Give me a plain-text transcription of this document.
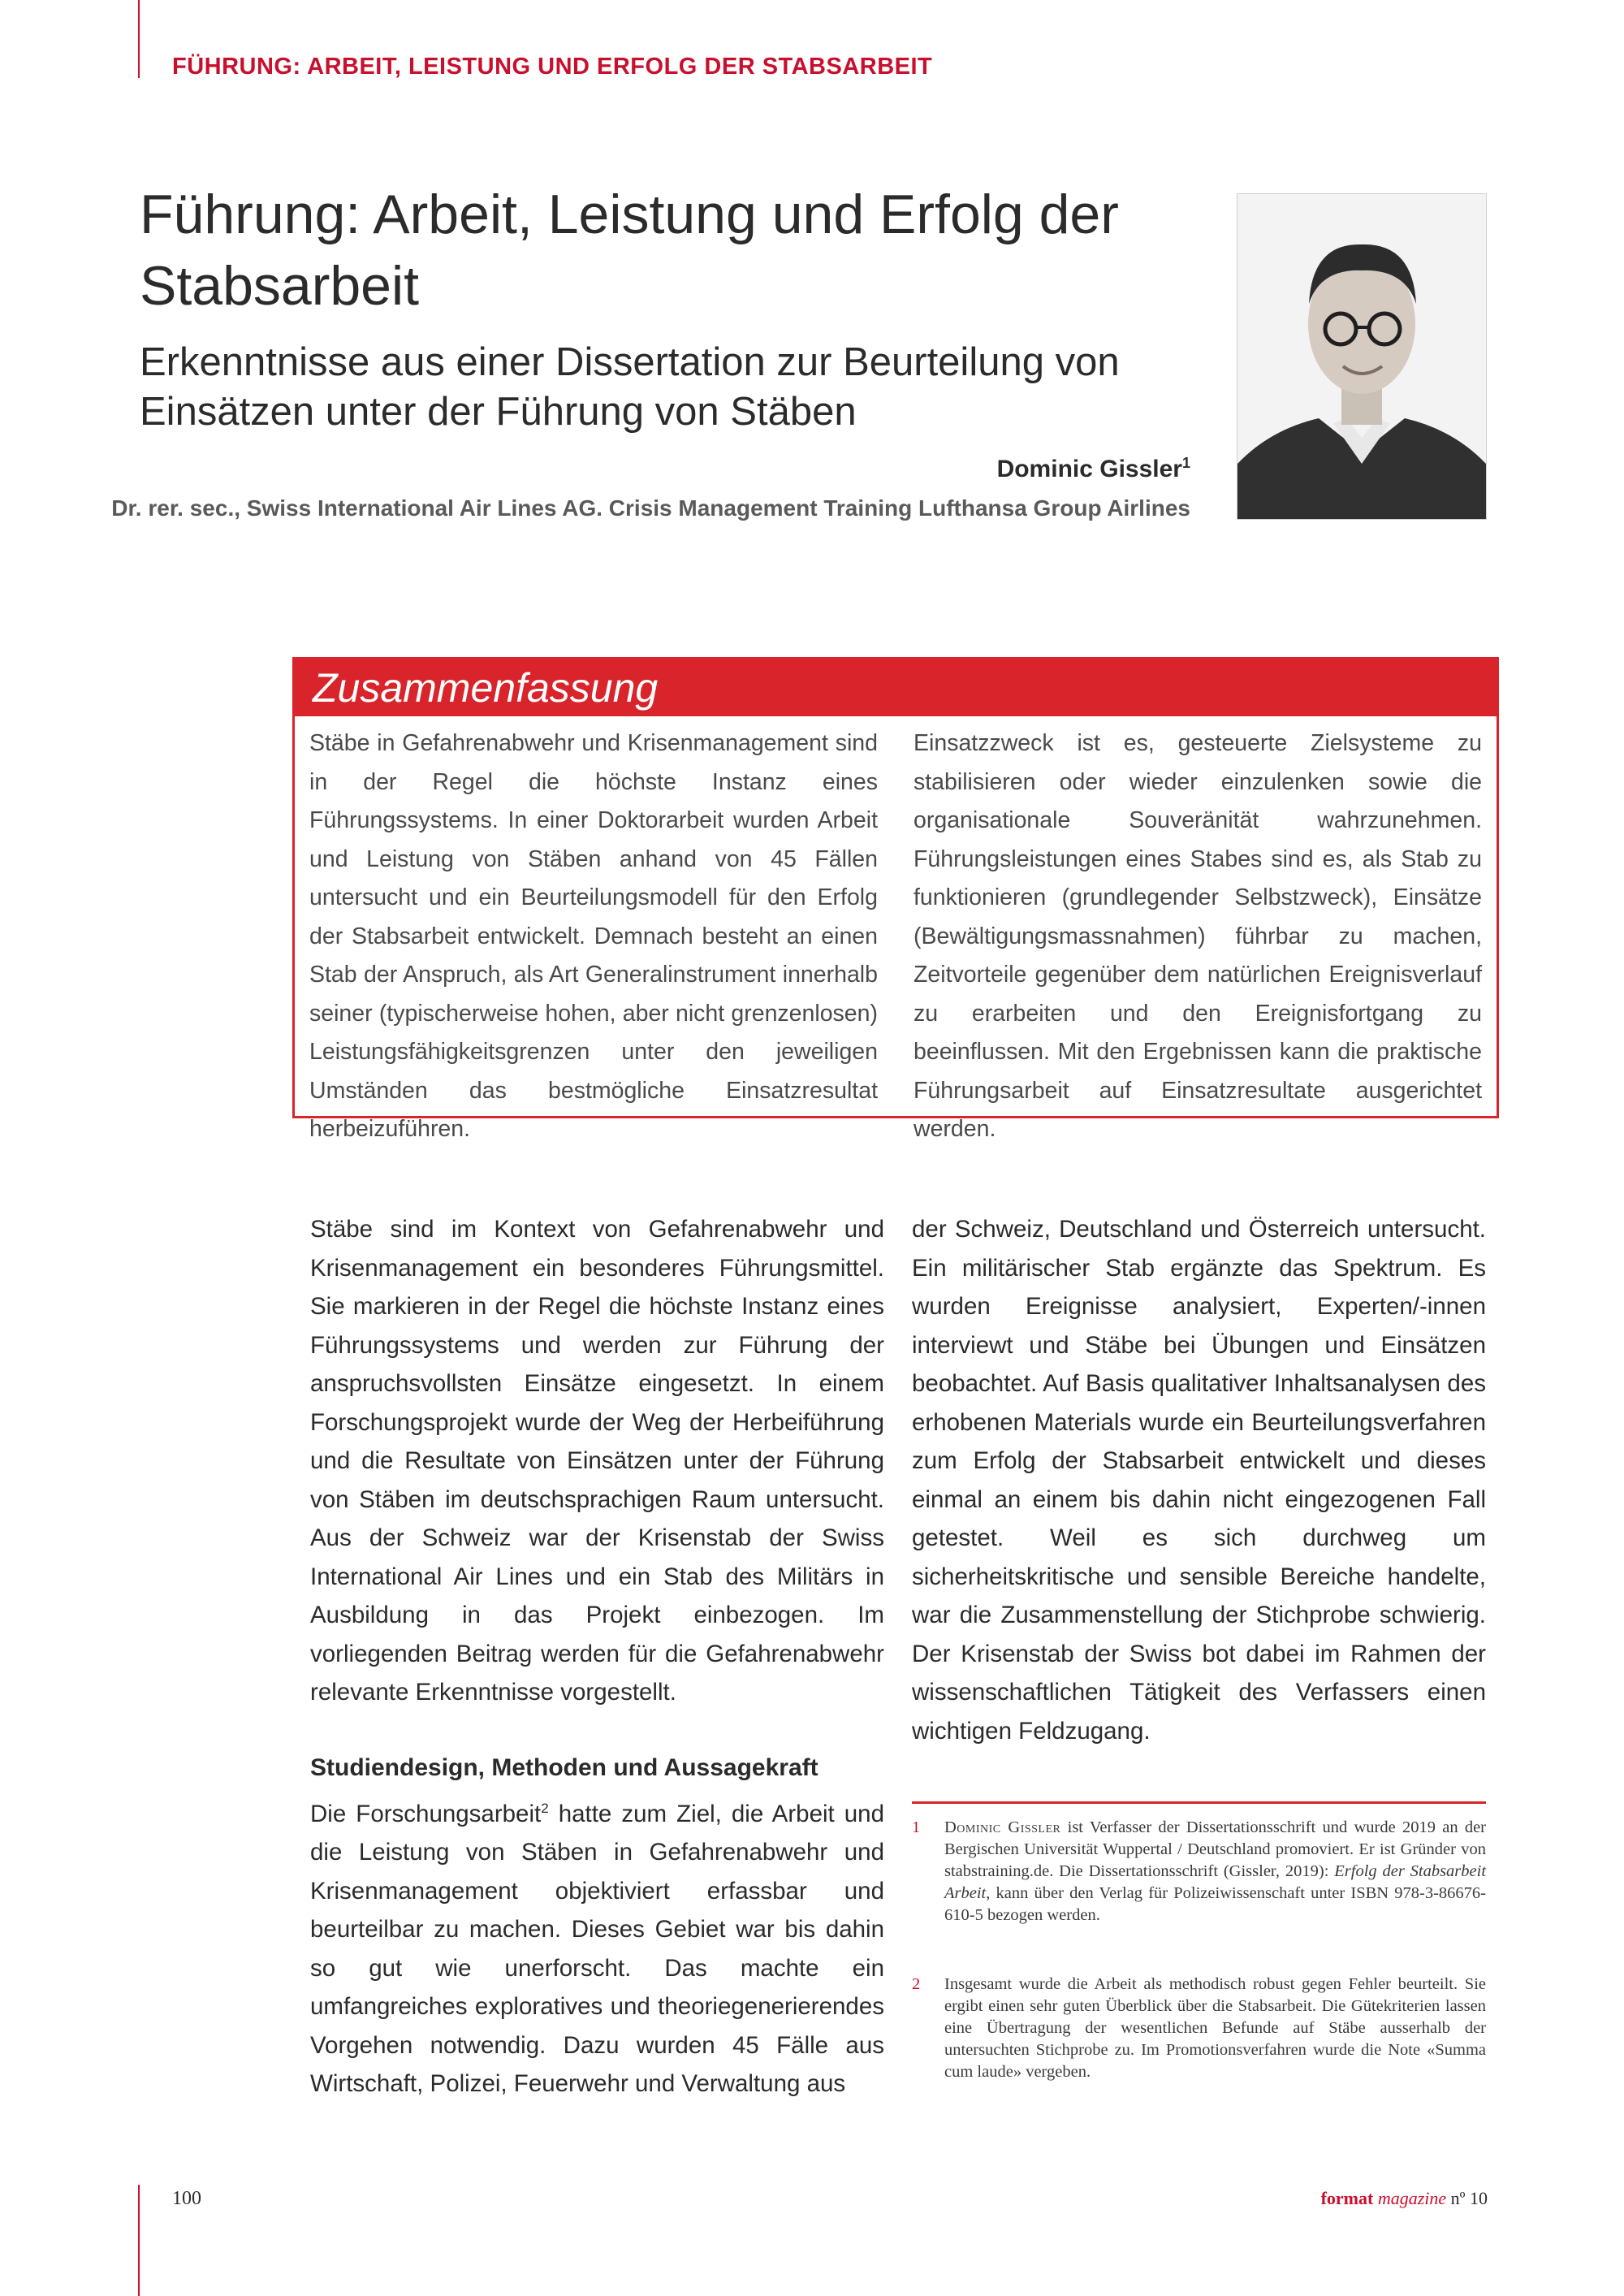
FÜHRUNG: ARBEIT, LEISTUNG UND ERFOLG DER STABSARBEIT
Führung: Arbeit, Leistung und Erfolg der Stabsarbeit
Erkenntnisse aus einer Dissertation zur Beurteilung von Einsätzen unter der Führung von Stäben
Dominic Gissler$^1$
Dr. rer. sec., Swiss International Air Lines AG. Crisis Management Training Lufthansa Group Airlines
Zusammenfassung

Stäbe in Gefahrenabwehr und Krisenmanagement sind in der Regel die höchste Instanz eines Führungssystems. In einer Doktorarbeit wurden Arbeit und Leistung von Stäben anhand von 45 Fällen untersucht und ein Beurteilungsmodell für den Erfolg der Stabsarbeit entwickelt. Demnach besteht an einen Stab der Anspruch, als Art Generalinstrument innerhalb seiner (typischerweise hohen, aber nicht grenzenlosen) Leistungsfähigkeitsgrenzen unter den jeweiligen Umständen das bestmögliche Einsatzresultat herbeizuführen.

Einsatzzweck ist es, gesteuerte Zielsysteme zu stabilisieren oder wieder einzulenken sowie die organisationale Souveränität wahrzunehmen. Führungsleistungen eines Stabes sind es, als Stab zu funktionieren (grundlegender Selbstzweck), Einsätze (Bewältigungsmassnahmen) führbar zu machen, Zeitvorteile gegenüber dem natürlichen Ereignisverlauf zu erarbeiten und den Ereignisfortgang zu beeinflussen. Mit den Ergebnissen kann die praktische Führungsarbeit auf Einsatzresultate ausgerichtet werden.

Stäbe sind im Kontext von Gefahrenabwehr und Krisenmanagement ein besonderes Führungsmittel. Sie markieren in der Regel die höchste Instanz eines Führungssystems und werden zur Führung der anspruchsvollsten Einsätze eingesetzt. In einem Forschungsprojekt wurde der Weg der Herbeiführung und die Resultate von Einsätzen unter der Führung von Stäben im deutschsprachigen Raum untersucht. Aus der Schweiz war der Krisenstab der Swiss International Air Lines und ein Stab des Militärs in Ausbildung in das Projekt einbezogen. Im vorliegenden Beitrag werden für die Gefahrenabwehr relevante Erkenntnisse vorgestellt.

Studiendesign, Methoden und Aussagekraft

Die Forschungsarbeit$^2$ hatte zum Ziel, die Arbeit und die Leistung von Stäben in Gefahrenabwehr und Krisenmanagement objektiviert erfassbar und beurteilbar zu machen. Dieses Gebiet war bis dahin so gut wie unerforscht. Das machte ein umfangreiches exploratives und theoriegenerierendes Vorgehen notwendig. Dazu wurden 45 Fälle aus Wirtschaft, Polizei, Feuerwehr und Verwaltung aus

der Schweiz, Deutschland und Österreich untersucht. Ein militärischer Stab ergänzte das Spektrum. Es wurden Ereignisse analysiert, Experten/-innen interviewt und Stäbe bei Übungen und Einsätzen beobachtet. Auf Basis qualitativer Inhaltsanalysen des erhobenen Materials wurde ein Beurteilungsverfahren zum Erfolg der Stabsarbeit entwickelt und dieses einmal an einem bis dahin nicht eingezogenen Fall getestet. Weil es sich durchweg um sicherheitskritische und sensible Bereiche handelte, war die Zusammenstellung der Stichprobe schwierig. Der Krisenstab der Swiss bot dabei im Rahmen der wissenschaftlichen Tätigkeit des Verfassers einen wichtigen Feldzugang.

1 Dominic Gissler ist Verfasser der Dissertationsschrift und wurde 2019 an der Bergischen Universität Wuppertal / Deutschland promoviert. Er ist Gründer von stabstraining.de. Die Dissertationsschrift (Gissler, 2019): Erfolg der Stabsarbeit Arbeit, kann über den Verlag für Polizeiwissenschaft unter ISBN 978-3-86676-610-5 bezogen werden.
2 Insgesamt wurde die Arbeit als methodisch robust gegen Fehler beurteilt. Sie ergibt einen sehr guten Überblick über die Stabsarbeit. Die Gütekriterien lassen eine Übertragung der wesentlichen Befunde auf Stäbe ausserhalb der untersuchten Stichprobe zu. Im Promotionsverfahren wurde die Note «Summa cum laude» vergeben.
100	format magazine nº 10
